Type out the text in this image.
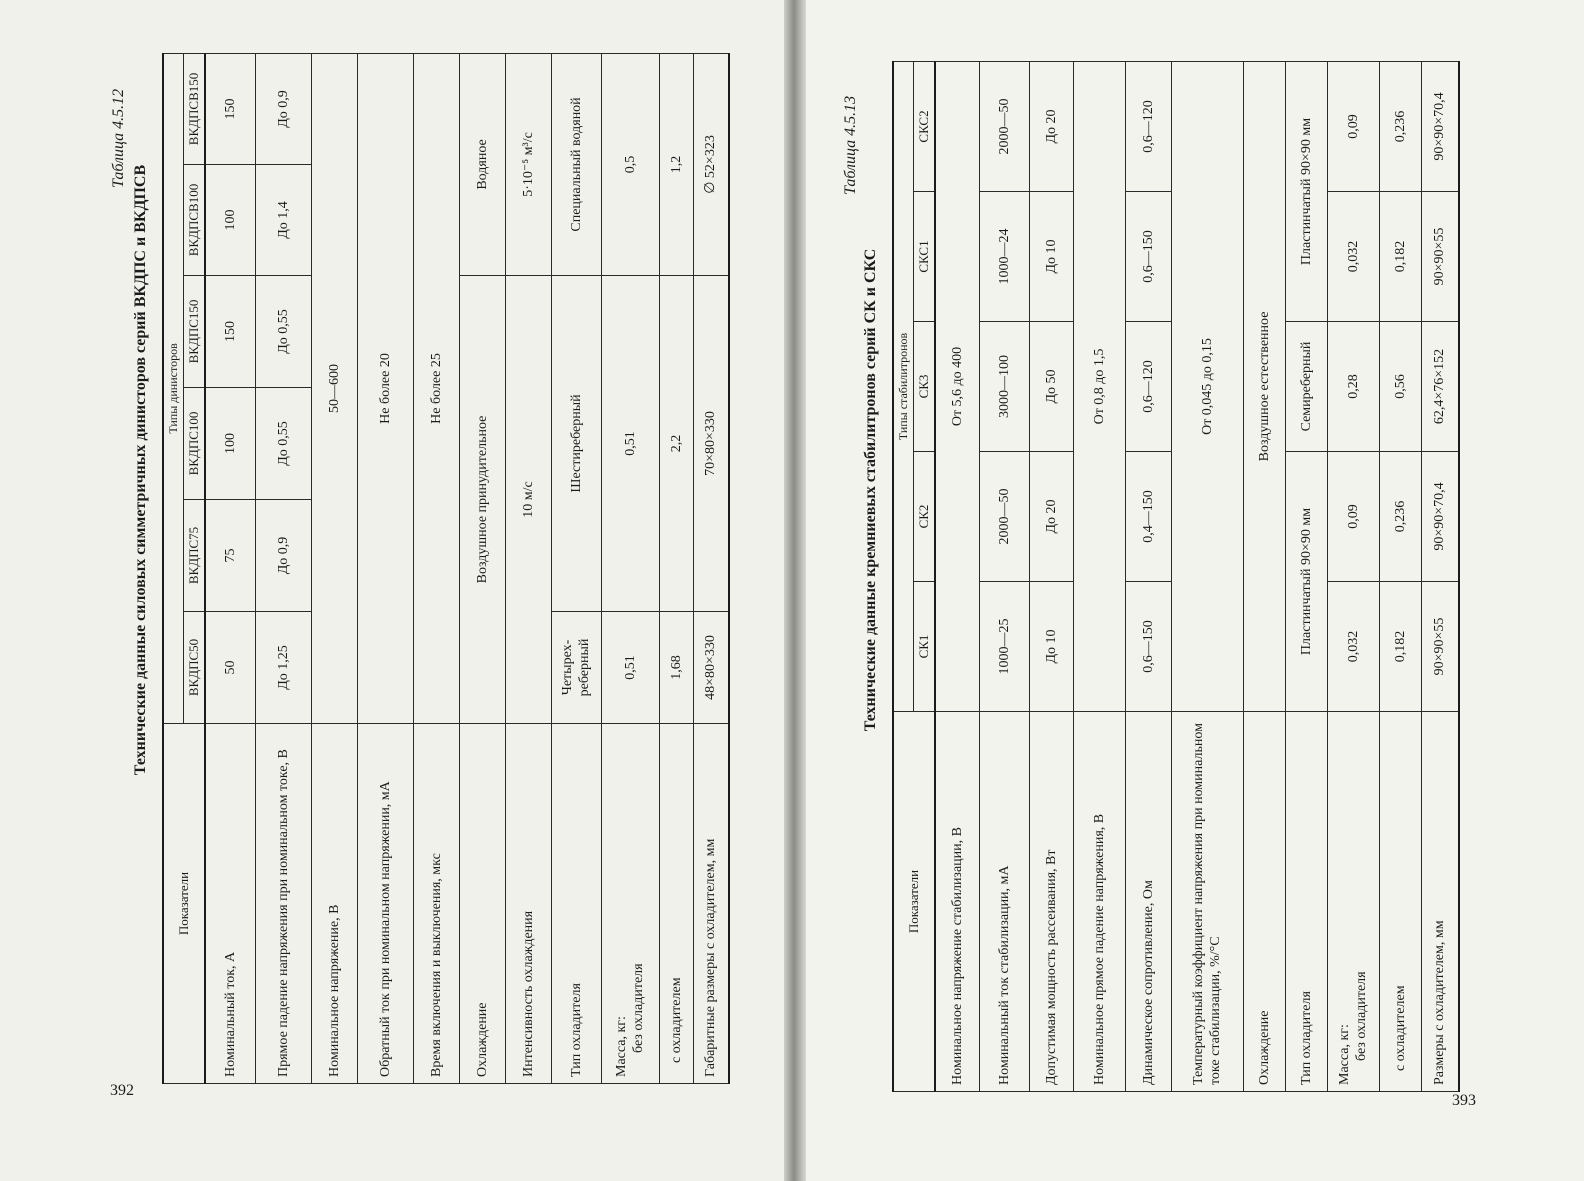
392
Таблица 4.5.12
Технические данные силовых симметричных динисторов серий ВКДПС и ВКДПСВ
Показатели	Типы динисторов					
	ВКДПС50	ВКДПС75	ВКДПС100	ВКДПС150	ВКДПСВ100	ВКДПСВ150
Номинальный ток, А	50	75	100	150	100	150
Прямое падение напряжения при номинальном токе, В	До 1,25	До 0,9	До 0,55	До 0,55	До 1,4	До 0,9
Номинальное напряжение, В	50—600					
Обратный ток при номинальном напряжении, мА	Не более 20					
Время включения и выключения, мкс	Не более 25					
Охлаждение	Воздушное принудительное				Водяное	
Интенсивность охлаждения	10 м/с				5·10⁻⁵ м³/с	
Тип охладителя	Четырех-реберный	Шестиреберный			Специальный водяной	
Масса, кг: без охладителя	0,51	0,51			0,5	
с охладителем	1,68	2,2			1,2	
Габаритные размеры с охладителем, мм	48×80×330	70×80×330			∅ 52×323	
393
Таблица 4.5.13
Технические данные кремниевых стабилитронов серий СК и СКС
Показатели	Типы стабилитронов				
	СК1	СК2	СК3	СКС1	СКС2
Номинальное напряжение стабилизации, В	От 5,6 до 400				
Номинальный ток стабилизации, мА	1000—25	2000—50	3000—100	1000—24	2000—50
Допустимая мощность рассеивания, Вт	До 10	До 20	До 50	До 10	До 20
Номинальное прямое падение напряжения, В	От 0,8 до 1,5				
Динамическое сопротивление, Ом	0,6—150	0,4—150	0,6—120	0,6—150	0,6—120
Температурный коэффициент напряжения при номинальном токе стабилизации, %/°С	От 0,045 до 0,15				
Охлаждение	Воздушное естественное				
Тип охладителя	Пластинчатый 90×90 мм		Семиреберный	Пластинчатый 90×90 мм	
Масса, кг: без охладителя	0,032	0,09	0,28	0,032	0,09
с охладителем	0,182	0,236	0,56	0,182	0,236
Размеры с охладителем, мм	90×90×55	90×90×70,4	62,4×76×152	90×90×55	90×90×70,4
